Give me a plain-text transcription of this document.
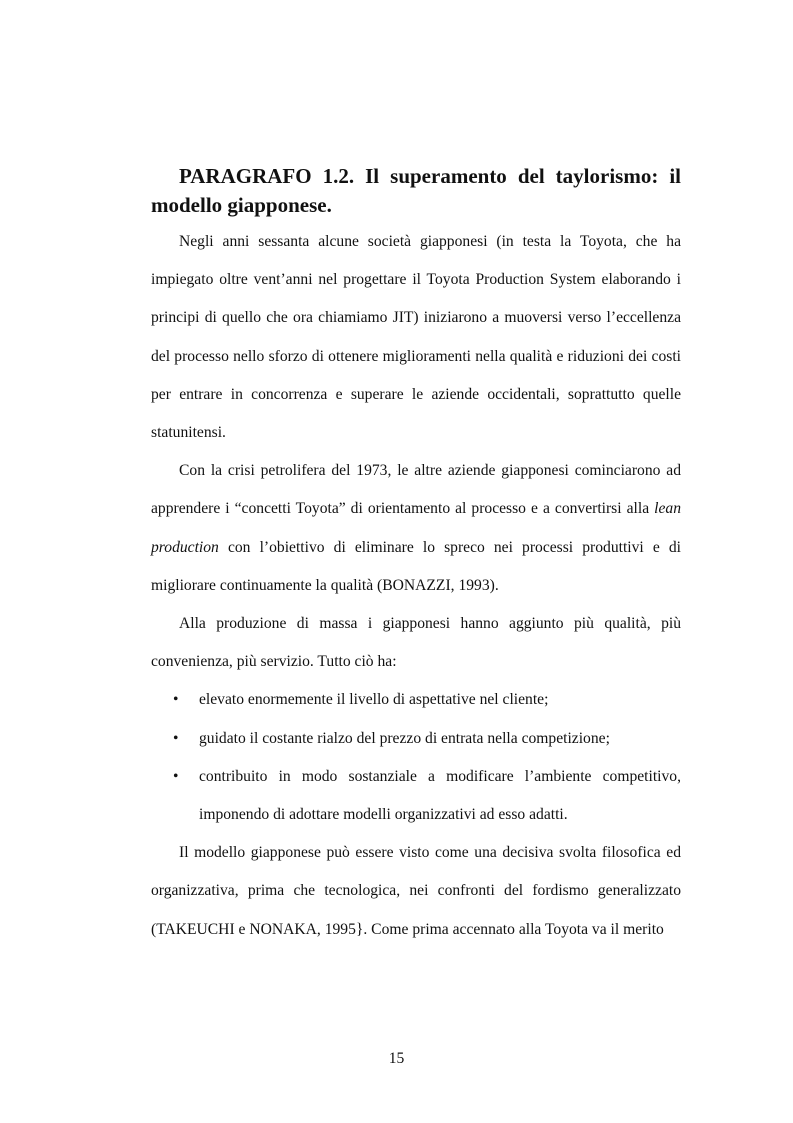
PARAGRAFO 1.2. Il superamento del taylorismo: il modello giapponese.

Negli anni sessanta alcune società giapponesi (in testa la Toyota, che ha impiegato oltre vent’anni nel progettare il Toyota Production System elaborando i principi di quello che ora chiamiamo JIT) iniziarono a muoversi verso l’eccellenza del processo nello sforzo di ottenere miglioramenti nella qualità e riduzioni dei costi per entrare in concorrenza e superare le aziende occidentali, soprattutto quelle statunitensi.

Con la crisi petrolifera del 1973, le altre aziende giapponesi cominciarono ad apprendere i “concetti Toyota” di orientamento al processo e a convertirsi alla lean production con l’obiettivo di eliminare lo spreco nei processi produttivi e di migliorare continuamente la qualità (BONAZZI, 1993).

Alla produzione di massa i giapponesi hanno aggiunto più qualità, più convenienza, più servizio. Tutto ciò ha:

• elevato enormemente il livello di aspettative nel cliente;
• guidato il costante rialzo del prezzo di entrata nella competizione;
• contribuito in modo sostanziale a modificare l’ambiente competitivo, imponendo di adottare modelli organizzativi ad esso adatti.

Il modello giapponese può essere visto come una decisiva svolta filosofica ed organizzativa, prima che tecnologica, nei confronti del fordismo generalizzato (TAKEUCHI e NONAKA, 1995}. Come prima accennato alla Toyota va il merito

15
